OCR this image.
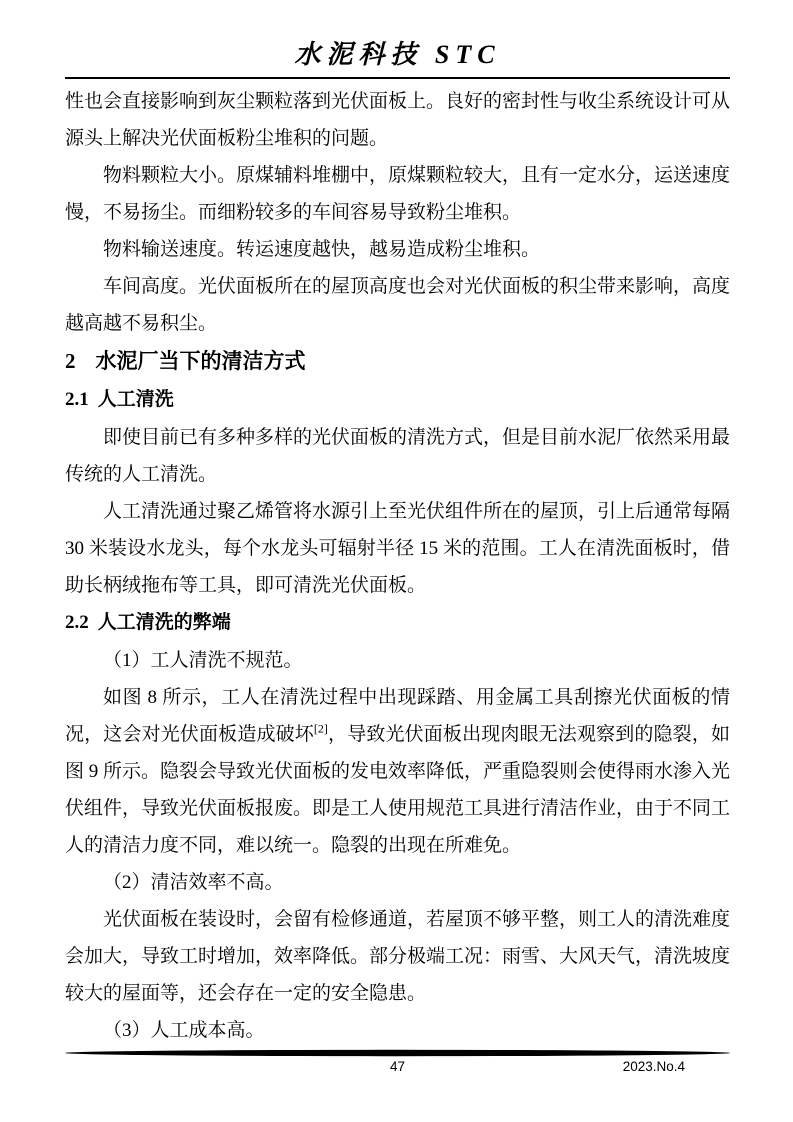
水泥科技 STC

性也会直接影响到灰尘颗粒落到光伏面板上。良好的密封性与收尘系统设计可从源头上解决光伏面板粉尘堆积的问题。

物料颗粒大小。原煤辅料堆棚中，原煤颗粒较大，且有一定水分，运送速度慢，不易扬尘。而细粉较多的车间容易导致粉尘堆积。

物料输送速度。转运速度越快，越易造成粉尘堆积。

车间高度。光伏面板所在的屋顶高度也会对光伏面板的积尘带来影响，高度越高越不易积尘。

2 水泥厂当下的清洁方式
2.1 人工清洗

即使目前已有多种多样的光伏面板的清洗方式，但是目前水泥厂依然采用最传统的人工清洗。

人工清洗通过聚乙烯管将水源引上至光伏组件所在的屋顶，引上后通常每隔 30 米装设水龙头，每个水龙头可辐射半径 15 米的范围。工人在清洗面板时，借助长柄绒拖布等工具，即可清洗光伏面板。

2.2 人工清洗的弊端

（1）工人清洗不规范。

如图 8 所示，工人在清洗过程中出现踩踏、用金属工具刮擦光伏面板的情况，这会对光伏面板造成破坏[2]，导致光伏面板出现肉眼无法观察到的隐裂，如图 9 所示。隐裂会导致光伏面板的发电效率降低，严重隐裂则会使得雨水渗入光伏组件，导致光伏面板报废。即是工人使用规范工具进行清洁作业，由于不同工人的清洁力度不同，难以统一。隐裂的出现在所难免。

（2）清洁效率不高。

光伏面板在装设时，会留有检修通道，若屋顶不够平整，则工人的清洗难度会加大，导致工时增加，效率降低。部分极端工况：雨雪、大风天气，清洗坡度较大的屋面等，还会存在一定的安全隐患。

（3）人工成本高。

47	2023.No.4
